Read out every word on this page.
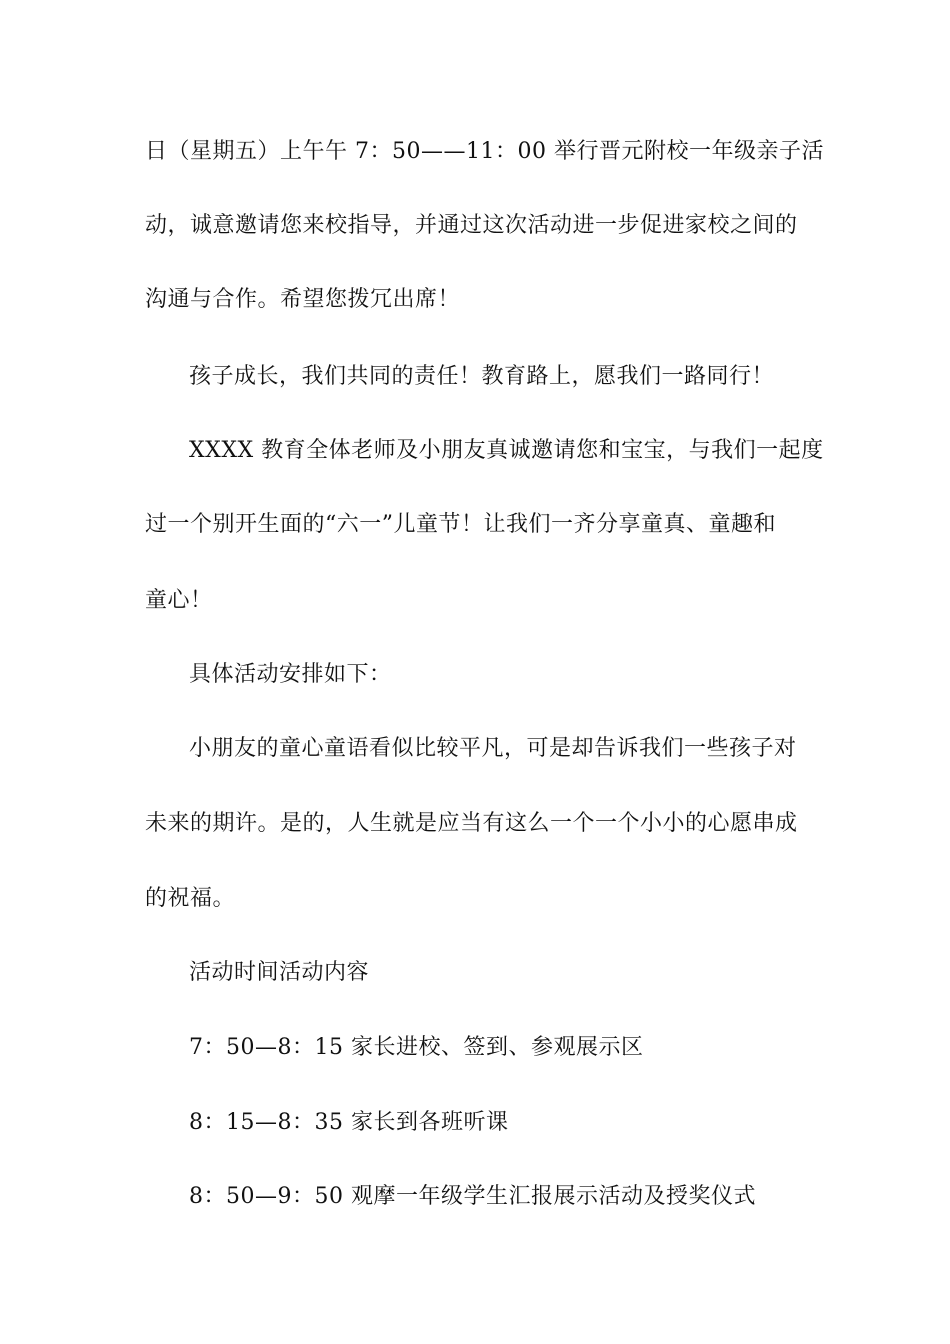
日（星期五）上午午 7：50——11：00 举行晋元附校一年级亲子活
动，诚意邀请您来校指导，并通过这次活动进一步促进家校之间的
沟通与合作。希望您拨冗出席！
孩子成长，我们共同的责任！教育路上，愿我们一路同行！
XXXX 教育全体老师及小朋友真诚邀请您和宝宝，与我们一起度
过一个别开生面的“六一”儿童节！让我们一齐分享童真、童趣和
童心！
具体活动安排如下：
小朋友的童心童语看似比较平凡，可是却告诉我们一些孩子对
未来的期许。是的，人生就是应当有这么一个一个小小的心愿串成
的祝福。
活动时间活动内容
7：50—8：15 家长进校、签到、参观展示区
8：15—8：35 家长到各班听课
8：50—9：50 观摩一年级学生汇报展示活动及授奖仪式
